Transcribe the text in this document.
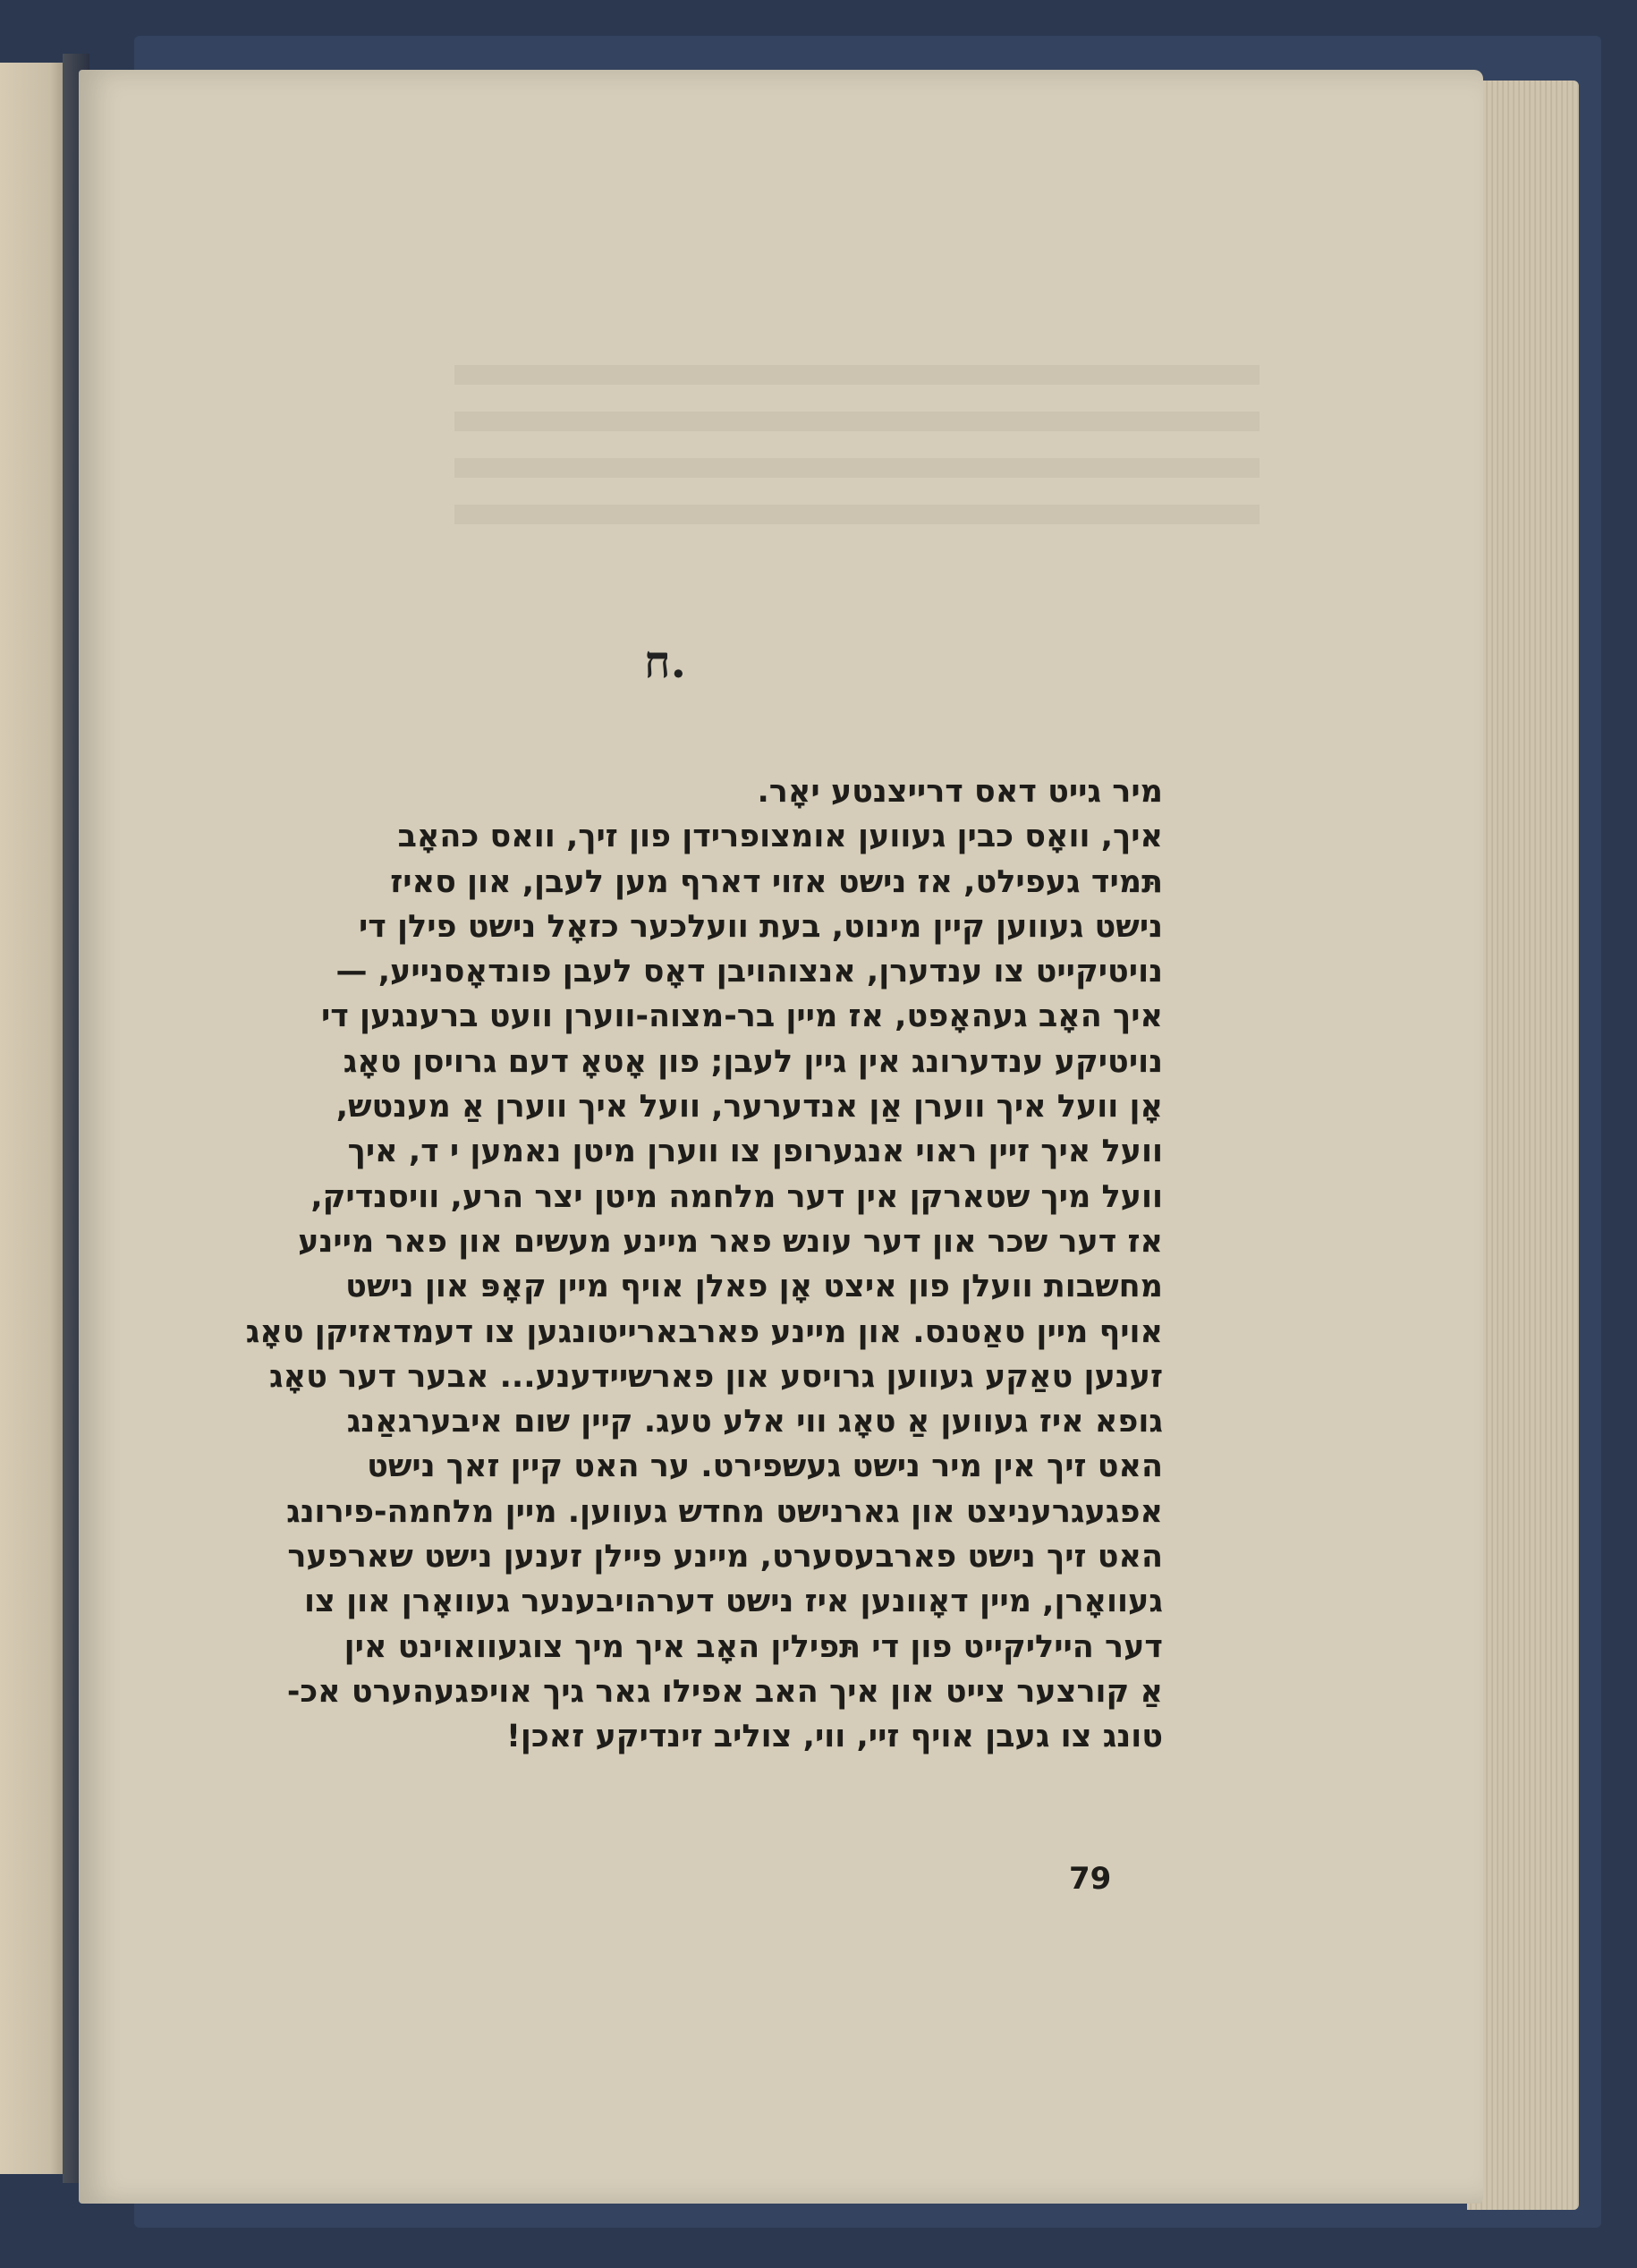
ח.

מיר גייט דאס דרייצנטע יאָר.

איך, וואָס כבין געווען אומצופרידן פון זיך, וואס כהאָב

תּמיד געפילט, אז נישט אזוי דארף מען לעבן, און סאיז

נישט געווען קיין מינוט, בעת וועלכער כזאָל נישט פילן די

נויטיקייט צו ענדערן, אנצוהויבן דאָס לעבן פונדאָסנייע, —

איך האָב געהאָפט, אז מיין בר-מצוה-ווערן וועט ברענגען די

נויטיקע ענדערונג אין גיין לעבן; פון אָטאָ דעם גרויסן טאָג

אָן וועל איך ווערן אַן אנדערער, וועל איך ווערן אַ מענטש,

וועל איך זיין ראוי אנגערופן צו ווערן מיטן נאמען י ד, איך

וועל מיך שטארקן אין דער מלחמה מיטן יצר הרע, וויסנדיק,

אז דער שכר און דער עונש פאר מיינע מעשים און פאר מיינע

מחשבות וועלן פון איצט אָן פאלן אויף מיין קאָפּ און נישט

אויף מיין טאַטנס. און מיינע פארבארייטונגען צו דעמדאזיקן טאָג

זענען טאַקע געווען גרויסע און פארשיידענע... אבער דער טאָג

גופא איז געווען אַ טאָג ווי אלע טעג. קיין שום איבערגאַנג

האט זיך אין מיר נישט געשפירט. ער האט קיין זאך נישט

אפגעגרעניצט און גארנישט מחדש געווען. מיין מלחמה-פירונג

האט זיך נישט פארבעסערט, מיינע פיילן זענען נישט שארפער

געוואָרן, מיין דאָוונען איז נישט דערהויבענער געוואָרן און צו

דער הייליקייט פון די תּפילין האָב איך מיך צוגעוואוינט אין

אַ קורצער צייט און איך האב אפילו גאר גיך אויפגעהערט אכ-

טונג צו געבן אויף זיי, ווי, צוליב זינדיקע זאכן!

79
